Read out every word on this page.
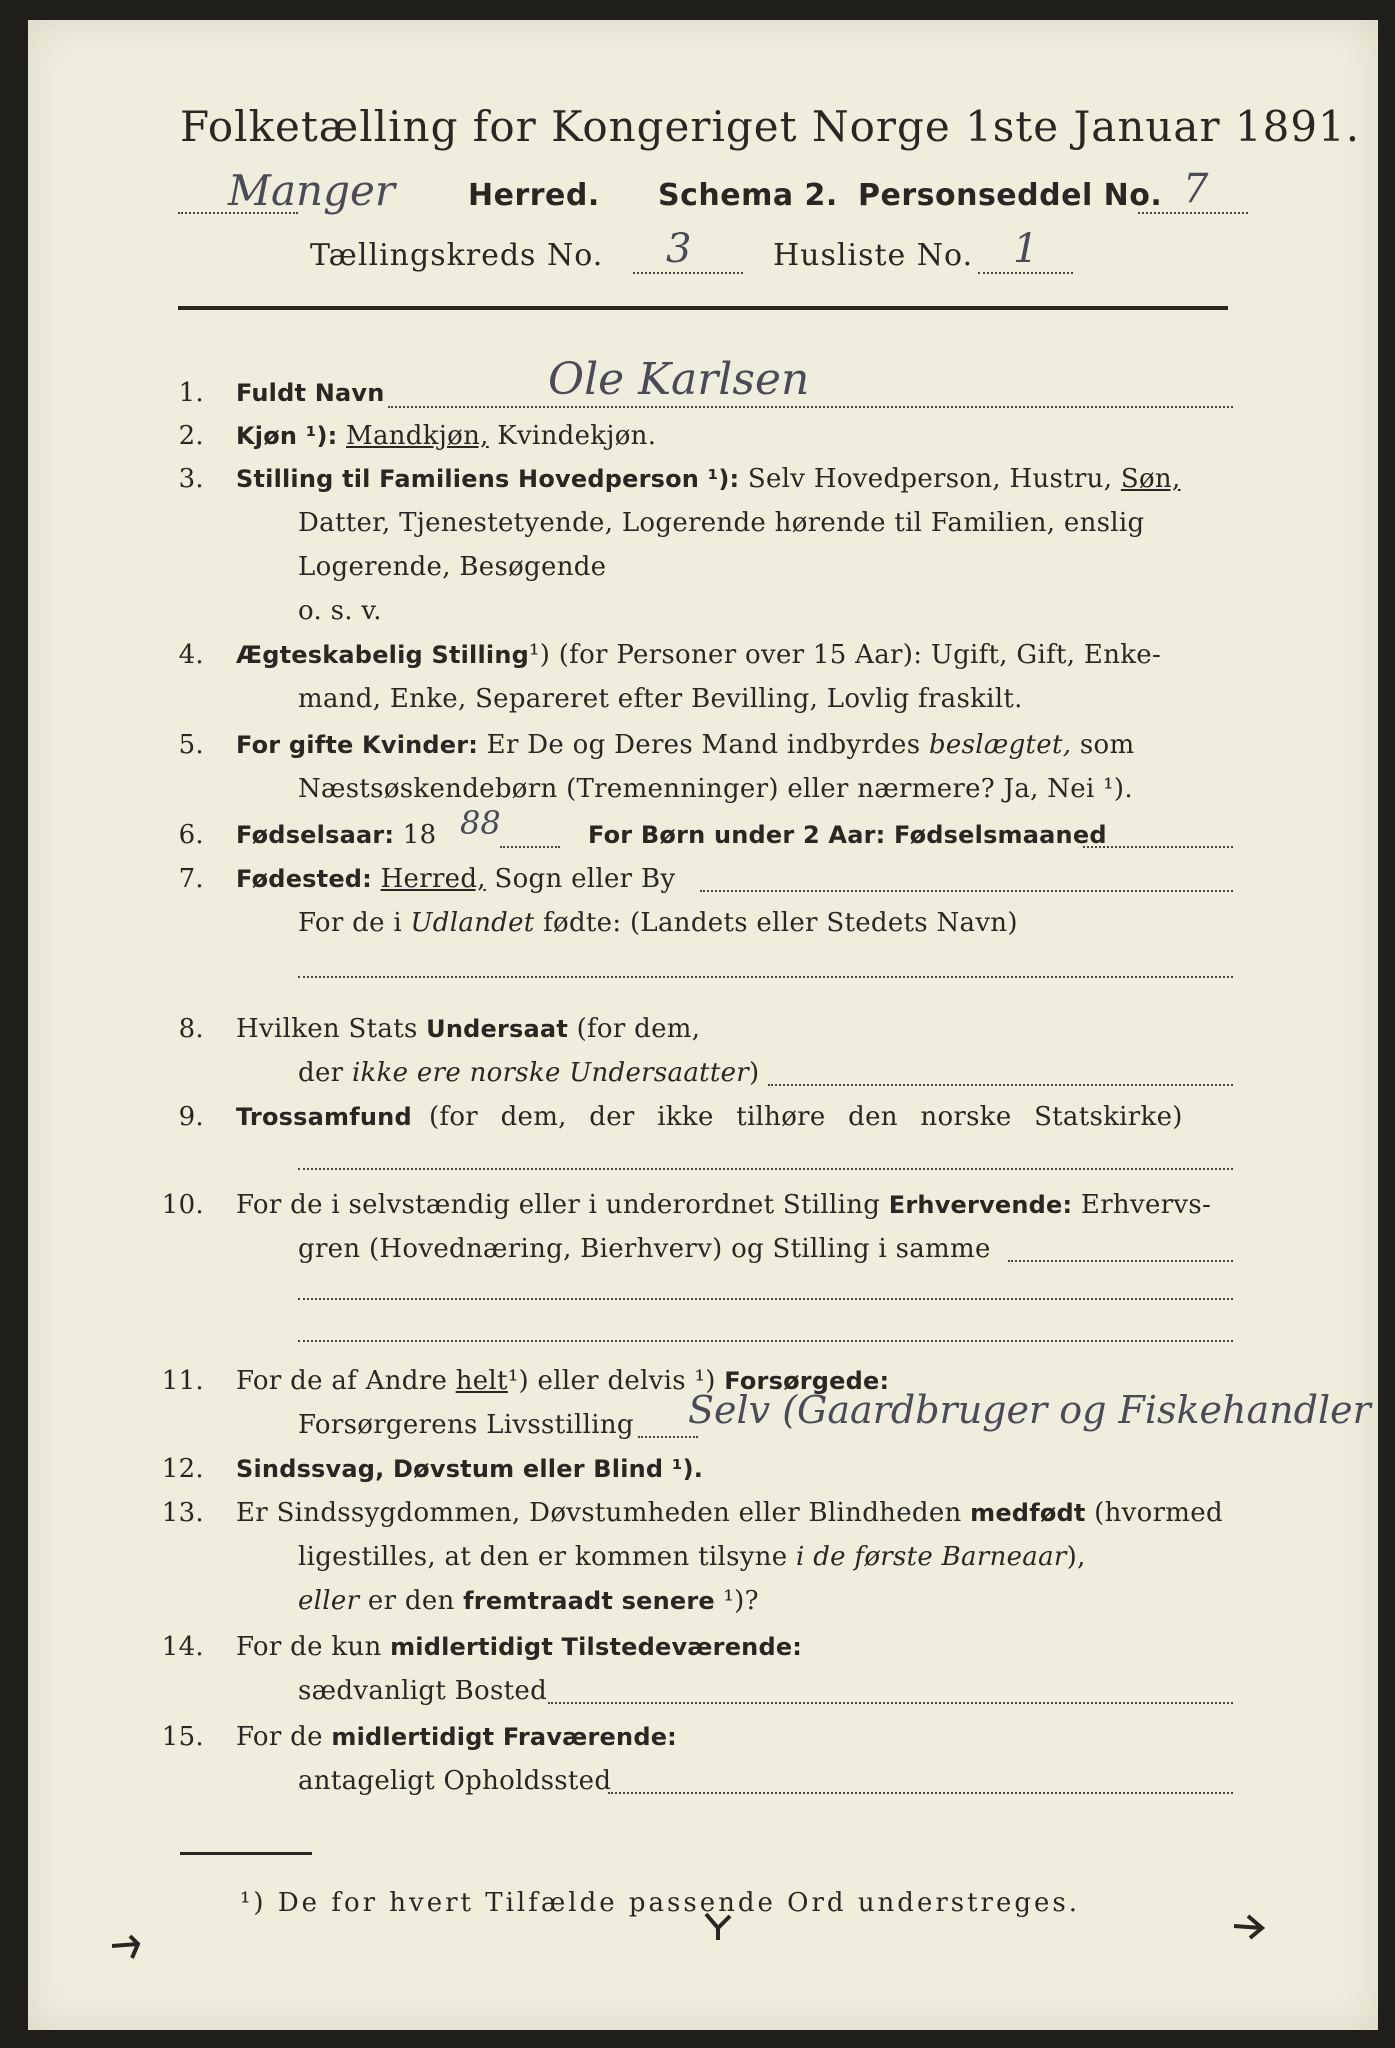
Folketælling for Kongeriget Norge 1ste Januar 1891.
Manger Herred. Schema 2. Personseddel No. 7
Tællingskreds No. 3	Husliste No. 1
1. Fuldt Navn	Ole Karlsen
2. Kjøn ¹): Mandkjøn, Kvindekjøn.
3. Stilling til Familiens Hovedperson ¹): Selv Hovedperson, Hustru, Søn,
Datter, Tjenestetyende, Logerende hørende til Familien, enslig
Logerende, Besøgende
o. s. v.
4. Ægteskabelig Stilling¹) (for Personer over 15 Aar): Ugift, Gift, Enke-
mand, Enke, Separeret efter Bevilling, Lovlig fraskilt.
5. For gifte Kvinder: Er De og Deres Mand indbyrdes beslægtet, som
Næstsøskendebørn (Tremenninger) eller nærmere? Ja, Nei ¹).
6. Fødselsaar: 18 88	For Børn under 2 Aar: Fødselsmaaned
7. Fødested: Herred, Sogn eller By
For de i Udlandet fødte: (Landets eller Stedets Navn)
8. Hvilken Stats Undersaat (for dem,
der ikke ere norske Undersaatter)
9. Trossamfund (for dem, der ikke tilhøre den norske Statskirke)
10. For de i selvstændig eller i underordnet Stilling Erhvervende: Erhvervs-
gren (Hovednæring, Bierhverv) og Stilling i samme
11. For de af Andre helt¹) eller delvis ¹) Forsørgede:
Forsørgerens Livsstilling Selv (Gaardbruger og Fiskehandler
12. Sindssvag, Døvstum eller Blind ¹).
13. Er Sindssygdommen, Døvstumheden eller Blindheden medfødt (hvormed
ligestilles, at den er kommen tilsyne i de første Barneaar),
eller er den fremtraadt senere ¹)?
14. For de kun midlertidigt Tilstedeværende:
sædvanligt Bosted
15. For de midlertidigt Fraværende:
antageligt Opholdssted
¹) De for hvert Tilfælde passende Ord understreges.
